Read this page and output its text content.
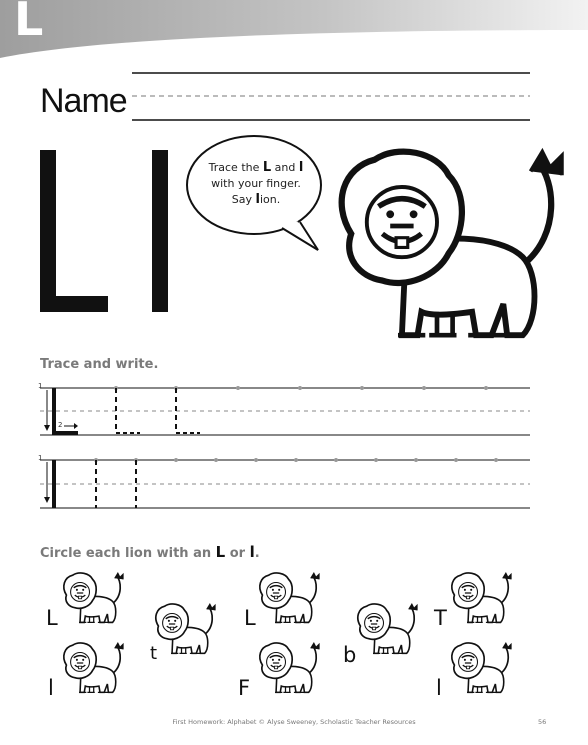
L
Name
Trace the L and l
with your finger.
Say lion.
Trace and write.
1
2
1
Circle each lion with an L or l.
L
t
L
b
T
l	F	l
First Homework: Alphabet © Alyse Sweeney, Scholastic Teacher Resources	56
